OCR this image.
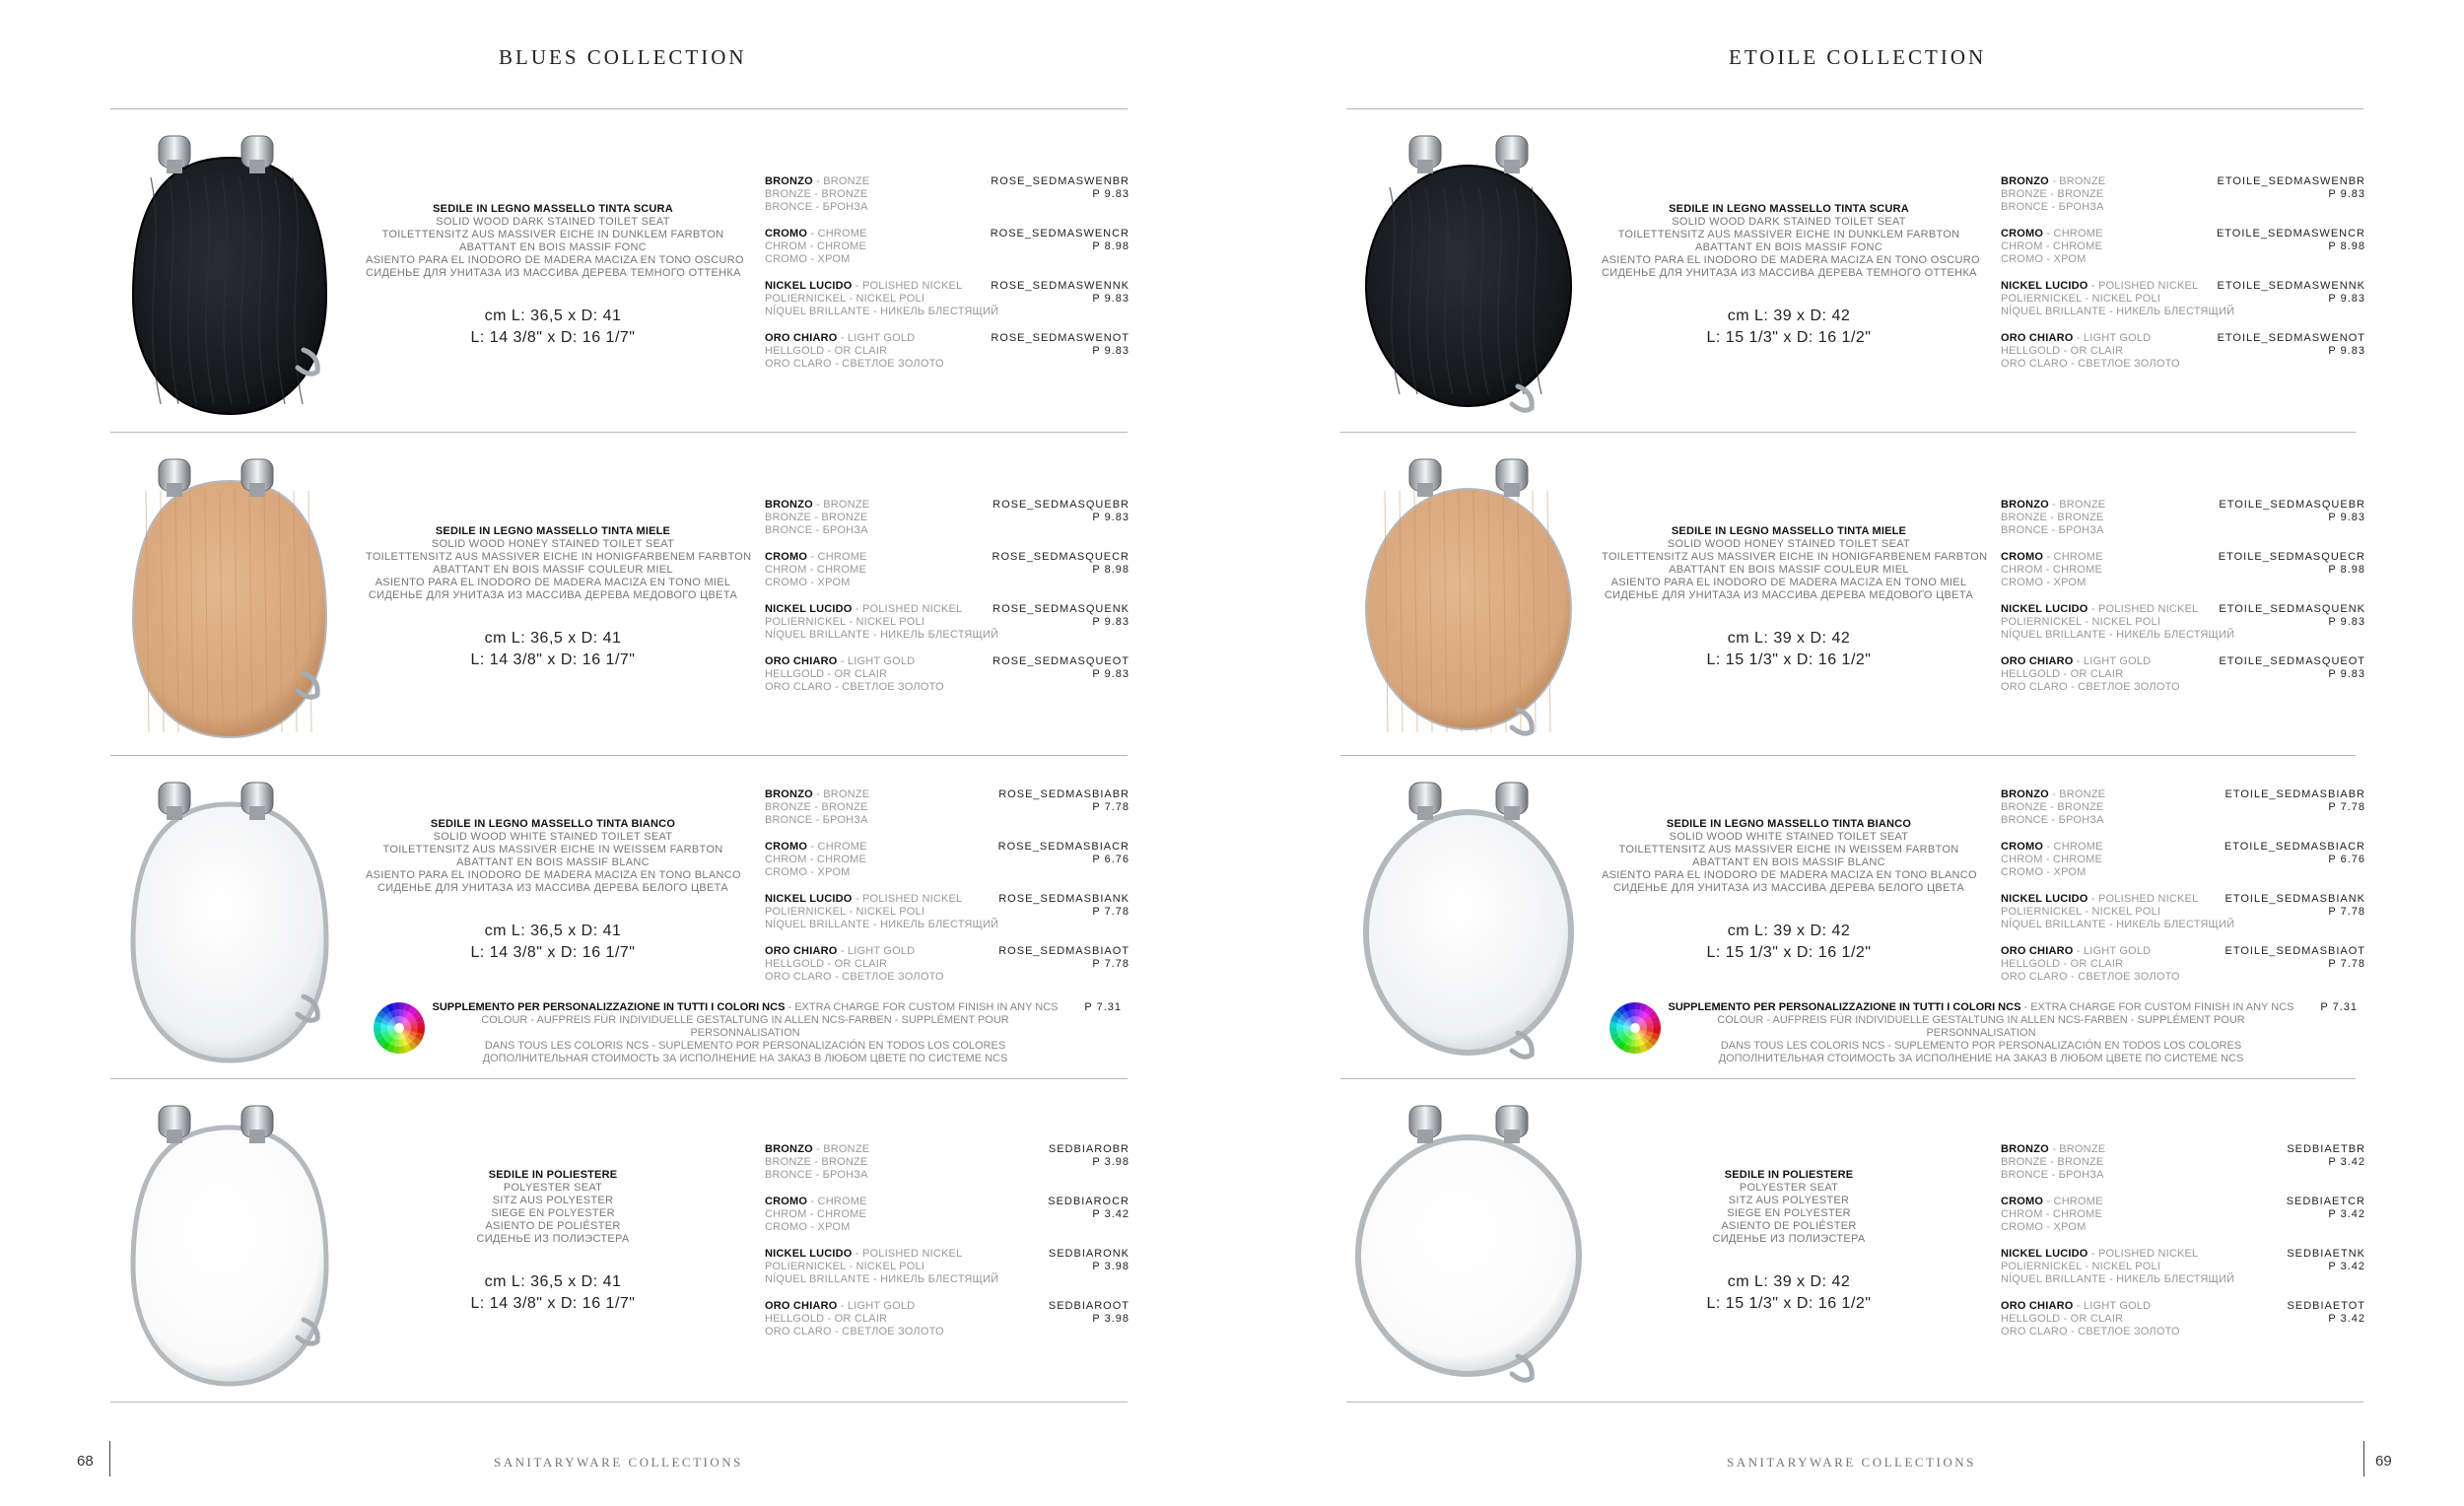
BLUES COLLECTION
SEDILE IN LEGNO MASSELLO TINTA SCURA
SOLID WOOD DARK STAINED TOILET SEAT
TOILETTENSITZ AUS MASSIVER EICHE IN DUNKLEM FARBTON
ABATTANT EN BOIS MASSIF FONC
ASIENTO PARA EL INODORO DE MADERA MACIZA EN TONO OSCURO
СИДЕНЬЕ ДЛЯ УНИТАЗА ИЗ МАССИВА ДЕРЕВА ТЕМНОГО ОТТЕНКА
cm L: 36,5 x D: 41
L: 14 3/8" x D: 16 1/7"
BRONZO - BRONZE
BRONZE - BRONZE
BRONCE - БРОНЗА
ROSE_SEDMASWENBR
P 9.83
CROMO - CHROME
CHROM - CHROME
CROMO - ХРОМ
ROSE_SEDMASWENCR
P 8.98
NICKEL LUCIDO - POLISHED NICKEL
POLIERNICKEL - NICKEL POLI
NÍQUEL BRILLANTE - НИКЕЛЬ БЛЕСТЯЩИЙ
ROSE_SEDMASWENNK
P 9.83
ORO CHIARO - LIGHT GOLD
HELLGOLD - OR CLAIR
ORO CLARO - СВЕТЛОЕ ЗОЛОТО
ROSE_SEDMASWENOT
P 9.83
SEDILE IN LEGNO MASSELLO TINTA MIELE
SOLID WOOD HONEY STAINED TOILET SEAT
TOILETTENSITZ AUS MASSIVER EICHE IN HONIGFARBENEM FARBTON
ABATTANT EN BOIS MASSIF COULEUR MIEL
ASIENTO PARA EL INODORO DE MADERA MACIZA EN TONO MIEL
СИДЕНЬЕ ДЛЯ УНИТАЗА ИЗ МАССИВА ДЕРЕВА МЕДОВОГО ЦВЕТА
cm L: 36,5 x D: 41
L: 14 3/8" x D: 16 1/7"
BRONZO - BRONZE
BRONZE - BRONZE
BRONCE - БРОНЗА
ROSE_SEDMASQUEBR
P 9.83
CROMO - CHROME
CHROM - CHROME
CROMO - ХРОМ
ROSE_SEDMASQUECR
P 8.98
NICKEL LUCIDO - POLISHED NICKEL
POLIERNICKEL - NICKEL POLI
NÍQUEL BRILLANTE - НИКЕЛЬ БЛЕСТЯЩИЙ
ROSE_SEDMASQUENK
P 9.83
ORO CHIARO - LIGHT GOLD
HELLGOLD - OR CLAIR
ORO CLARO - СВЕТЛОЕ ЗОЛОТО
ROSE_SEDMASQUEOT
P 9.83
SEDILE IN LEGNO MASSELLO TINTA BIANCO
SOLID WOOD WHITE STAINED TOILET SEAT
TOILETTENSITZ AUS MASSIVER EICHE IN WEISSEM FARBTON
ABATTANT EN BOIS MASSIF BLANC
ASIENTO PARA EL INODORO DE MADERA MACIZA EN TONO BLANCO
СИДЕНЬЕ ДЛЯ УНИТАЗА ИЗ МАССИВА ДЕРЕВА БЕЛОГО ЦВЕТА
cm L: 36,5 x D: 41
L: 14 3/8" x D: 16 1/7"
BRONZO - BRONZE
BRONZE - BRONZE
BRONCE - БРОНЗА
ROSE_SEDMASBIABR
P 7.78
CROMO - CHROME
CHROM - CHROME
CROMO - ХРОМ
ROSE_SEDMASBIACR
P 6.76
NICKEL LUCIDO - POLISHED NICKEL
POLIERNICKEL - NICKEL POLI
NÍQUEL BRILLANTE - НИКЕЛЬ БЛЕСТЯЩИЙ
ROSE_SEDMASBIANK
P 7.78
ORO CHIARO - LIGHT GOLD
HELLGOLD - OR CLAIR
ORO CLARO - СВЕТЛОЕ ЗОЛОТО
ROSE_SEDMASBIAOT
P 7.78
SUPPLEMENTO PER PERSONALIZZAZIONE IN TUTTI I COLORI NCS - EXTRA CHARGE FOR CUSTOM FINISH IN ANY NCS
COLOUR - AUFPREIS FÜR INDIVIDUELLE GESTALTUNG IN ALLEN NCS-FARBEN - SUPPLÉMENT POUR PERSONNALISATION
DANS TOUS LES COLORIS NCS - SUPLEMENTO POR PERSONALIZACIÓN EN TODOS LOS COLORES
ДОПОЛНИТЕЛЬНАЯ СТОИМОСТЬ ЗА ИСПОЛНЕНИЕ НА ЗАКАЗ В ЛЮБОМ ЦВЕТЕ ПО СИСТЕМЕ NCS
P 7.31
SEDILE IN POLIESTERE
POLYESTER SEAT
SITZ AUS POLYESTER
SIEGE EN POLYESTER
ASIENTO DE POLIÉSTER
СИДЕНЬЕ ИЗ ПОЛИЭСТЕРА
cm L: 36,5 x D: 41
L: 14 3/8" x D: 16 1/7"
BRONZO - BRONZE
BRONZE - BRONZE
BRONCE - БРОНЗА
SEDBIAROBR
P 3.98
CROMO - CHROME
CHROM - CHROME
CROMO - ХРОМ
SEDBIAROCR
P 3.42
NICKEL LUCIDO - POLISHED NICKEL
POLIERNICKEL - NICKEL POLI
NÍQUEL BRILLANTE - НИКЕЛЬ БЛЕСТЯЩИЙ
SEDBIARONK
P 3.98
ORO CHIARO - LIGHT GOLD
HELLGOLD - OR CLAIR
ORO CLARO - СВЕТЛОЕ ЗОЛОТО
SEDBIAROOT
P 3.98
68	SANITARYWARE COLLECTIONS
ETOILE COLLECTION
SEDILE IN LEGNO MASSELLO TINTA SCURA
SOLID WOOD DARK STAINED TOILET SEAT
TOILETTENSITZ AUS MASSIVER EICHE IN DUNKLEM FARBTON
ABATTANT EN BOIS MASSIF FONC
ASIENTO PARA EL INODORO DE MADERA MACIZA EN TONO OSCURO
СИДЕНЬЕ ДЛЯ УНИТАЗА ИЗ МАССИВА ДЕРЕВА ТЕМНОГО ОТТЕНКА
cm L: 39 x D: 42
L: 15 1/3" x D: 16 1/2"
BRONZO - BRONZE
BRONZE - BRONZE
BRONCE - БРОНЗА
ETOILE_SEDMASWENBR
P 9.83
CROMO - CHROME
CHROM - CHROME
CROMO - ХРОМ
ETOILE_SEDMASWENCR
P 8.98
NICKEL LUCIDO - POLISHED NICKEL
POLIERNICKEL - NICKEL POLI
NÍQUEL BRILLANTE - НИКЕЛЬ БЛЕСТЯЩИЙ
ETOILE_SEDMASWENNK
P 9.83
ORO CHIARO - LIGHT GOLD
HELLGOLD - OR CLAIR
ORO CLARO - СВЕТЛОЕ ЗОЛОТО
ETOILE_SEDMASWENOT
P 9.83
SEDILE IN LEGNO MASSELLO TINTA MIELE
SOLID WOOD HONEY STAINED TOILET SEAT
TOILETTENSITZ AUS MASSIVER EICHE IN HONIGFARBENEM FARBTON
ABATTANT EN BOIS MASSIF COULEUR MIEL
ASIENTO PARA EL INODORO DE MADERA MACIZA EN TONO MIEL
СИДЕНЬЕ ДЛЯ УНИТАЗА ИЗ МАССИВА ДЕРЕВА МЕДОВОГО ЦВЕТА
cm L: 39 x D: 42
L: 15 1/3" x D: 16 1/2"
BRONZO - BRONZE
BRONZE - BRONZE
BRONCE - БРОНЗА
ETOILE_SEDMASQUEBR
P 9.83
CROMO - CHROME
CHROM - CHROME
CROMO - ХРОМ
ETOILE_SEDMASQUECR
P 8.98
NICKEL LUCIDO - POLISHED NICKEL
POLIERNICKEL - NICKEL POLI
NÍQUEL BRILLANTE - НИКЕЛЬ БЛЕСТЯЩИЙ
ETOILE_SEDMASQUENK
P 9.83
ORO CHIARO - LIGHT GOLD
HELLGOLD - OR CLAIR
ORO CLARO - СВЕТЛОЕ ЗОЛОТО
ETOILE_SEDMASQUEOT
P 9.83
SEDILE IN LEGNO MASSELLO TINTA BIANCO
SOLID WOOD WHITE STAINED TOILET SEAT
TOILETTENSITZ AUS MASSIVER EICHE IN WEISSEM FARBTON
ABATTANT EN BOIS MASSIF BLANC
ASIENTO PARA EL INODORO DE MADERA MACIZA EN TONO BLANCO
СИДЕНЬЕ ДЛЯ УНИТАЗА ИЗ МАССИВА ДЕРЕВА БЕЛОГО ЦВЕТА
cm L: 39 x D: 42
L: 15 1/3" x D: 16 1/2"
BRONZO - BRONZE
BRONZE - BRONZE
BRONCE - БРОНЗА
ETOILE_SEDMASBIABR
P 7.78
CROMO - CHROME
CHROM - CHROME
CROMO - ХРОМ
ETOILE_SEDMASBIACR
P 6.76
NICKEL LUCIDO - POLISHED NICKEL
POLIERNICKEL - NICKEL POLI
NÍQUEL BRILLANTE - НИКЕЛЬ БЛЕСТЯЩИЙ
ETOILE_SEDMASBIANK
P 7.78
ORO CHIARO - LIGHT GOLD
HELLGOLD - OR CLAIR
ORO CLARO - СВЕТЛОЕ ЗОЛОТО
ETOILE_SEDMASBIAOT
P 7.78
SUPPLEMENTO PER PERSONALIZZAZIONE IN TUTTI I COLORI NCS - EXTRA CHARGE FOR CUSTOM FINISH IN ANY NCS
COLOUR - AUFPREIS FÜR INDIVIDUELLE GESTALTUNG IN ALLEN NCS-FARBEN - SUPPLÉMENT POUR PERSONNALISATION
DANS TOUS LES COLORIS NCS - SUPLEMENTO POR PERSONALIZACIÓN EN TODOS LOS COLORES
ДОПОЛНИТЕЛЬНАЯ СТОИМОСТЬ ЗА ИСПОЛНЕНИЕ НА ЗАКАЗ В ЛЮБОМ ЦВЕТЕ ПО СИСТЕМЕ NCS
P 7.31
SEDILE IN POLIESTERE
POLYESTER SEAT
SITZ AUS POLYESTER
SIEGE EN POLYESTER
ASIENTO DE POLIÉSTER
СИДЕНЬЕ ИЗ ПОЛИЭСТЕРА
cm L: 39 x D: 42
L: 15 1/3" x D: 16 1/2"
BRONZO - BRONZE
BRONZE - BRONZE
BRONCE - БРОНЗА
SEDBIAETBR
P 3.42
CROMO - CHROME
CHROM - CHROME
CROMO - ХРОМ
SEDBIAETCR
P 3.42
NICKEL LUCIDO - POLISHED NICKEL
POLIERNICKEL - NICKEL POLI
NÍQUEL BRILLANTE - НИКЕЛЬ БЛЕСТЯЩИЙ
SEDBIAETNK
P 3.42
ORO CHIARO - LIGHT GOLD
HELLGOLD - OR CLAIR
ORO CLARO - СВЕТЛОЕ ЗОЛОТО
SEDBIAETOT
P 3.42
SANITARYWARE COLLECTIONS	69
